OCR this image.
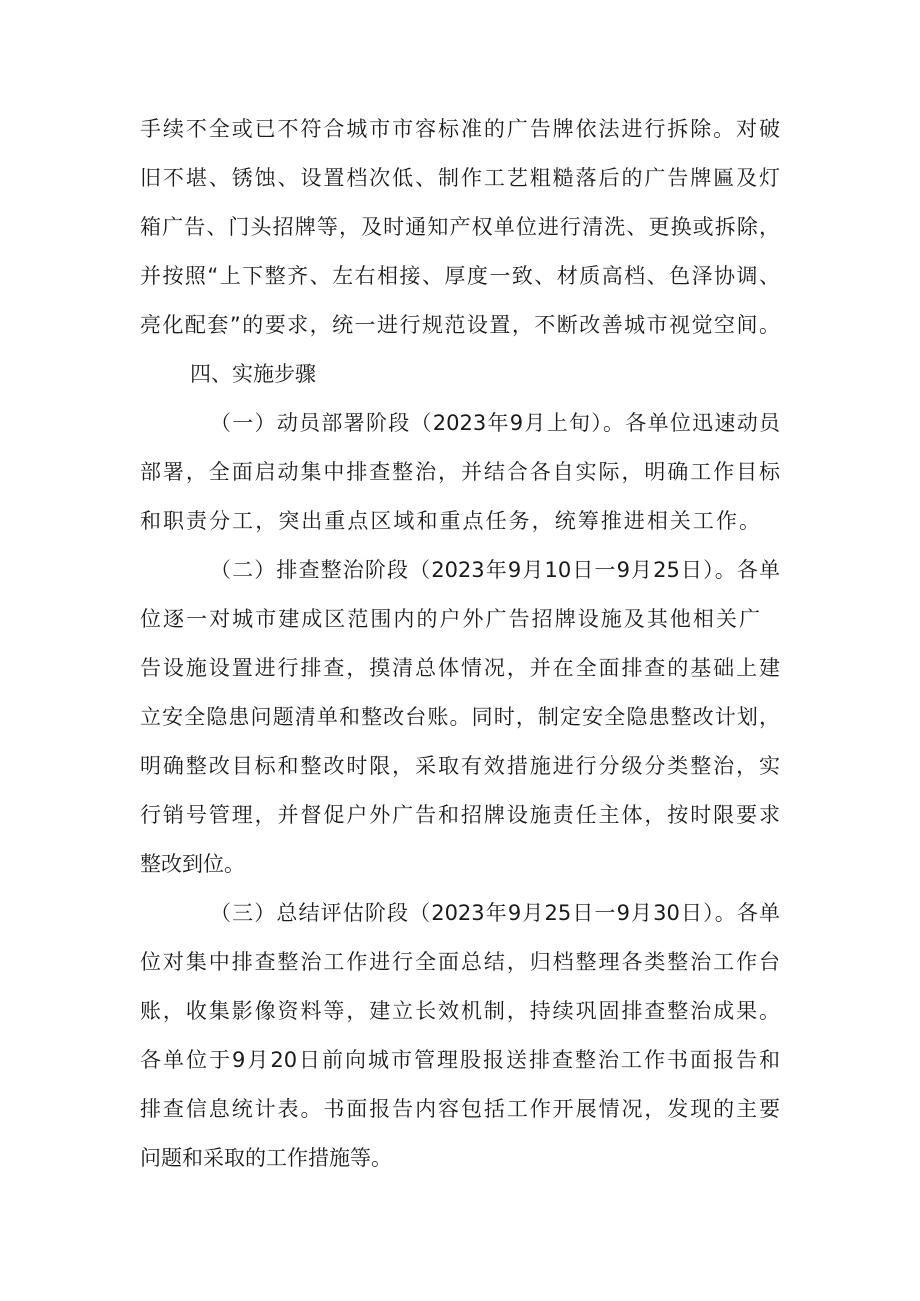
手续不全或已不符合城市市容标准的广告牌依法进行拆除。对破
旧不堪、锈蚀、设置档次低、制作工艺粗糙落后的广告牌匾及灯
箱广告、门头招牌等，及时通知产权单位进行清洗、更换或拆除，
并按照“上下整齐、左右相接、厚度一致、材质高档、色泽协调、
亮化配套”的要求，统一进行规范设置，不断改善城市视觉空间。
四、实施步骤
（一）动员部署阶段（2023年9月上旬）。各单位迅速动员
部署，全面启动集中排查整治，并结合各自实际，明确工作目标
和职责分工，突出重点区域和重点任务，统筹推进相关工作。
（二）排查整治阶段（2023年9月10日一9月25日）。各单
位逐一对城市建成区范围内的户外广告招牌设施及其他相关广
告设施设置进行排查，摸清总体情况，并在全面排查的基础上建
立安全隐患问题清单和整改台账。同时，制定安全隐患整改计划，
明确整改目标和整改时限，采取有效措施进行分级分类整治，实
行销号管理，并督促户外广告和招牌设施责任主体，按时限要求
整改到位。
（三）总结评估阶段（2023年9月25日一9月30日）。各单
位对集中排查整治工作进行全面总结，归档整理各类整治工作台
账，收集影像资料等，建立长效机制，持续巩固排查整治成果。
各单位于9月20日前向城市管理股报送排查整治工作书面报告和
排查信息统计表。书面报告内容包括工作开展情况，发现的主要
问题和采取的工作措施等。
